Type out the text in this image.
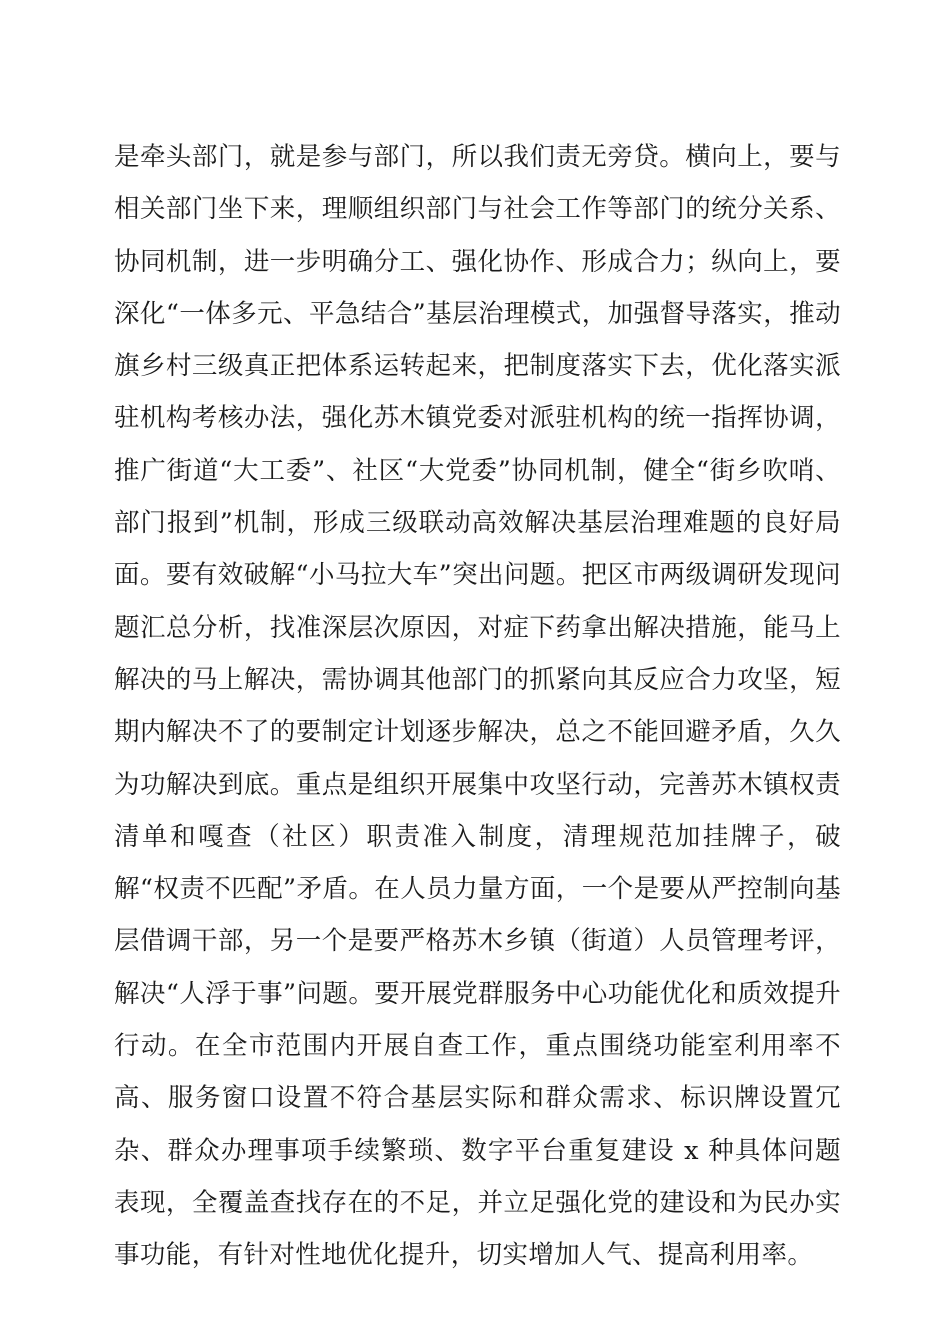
是牵头部门，就是参与部门，所以我们责无旁贷。横向上，要与相关部门坐下来，理顺组织部门与社会工作等部门的统分关系、协同机制，进一步明确分工、强化协作、形成合力；纵向上，要深化“一体多元、平急结合”基层治理模式，加强督导落实，推动旗乡村三级真正把体系运转起来，把制度落实下去，优化落实派驻机构考核办法，强化苏木镇党委对派驻机构的统一指挥协调，推广街道“大工委”、社区“大党委”协同机制，健全“街乡吹哨、部门报到”机制，形成三级联动高效解决基层治理难题的良好局面。要有效破解“小马拉大车”突出问题。把区市两级调研发现问题汇总分析，找准深层次原因，对症下药拿出解决措施，能马上解决的马上解决，需协调其他部门的抓紧向其反应合力攻坚，短期内解决不了的要制定计划逐步解决，总之不能回避矛盾，久久为功解决到底。重点是组织开展集中攻坚行动，完善苏木镇权责清单和嘎查（社区）职责准入制度，清理规范加挂牌子，破解“权责不匹配”矛盾。在人员力量方面，一个是要从严控制向基层借调干部，另一个是要严格苏木乡镇（街道）人员管理考评，解决“人浮于事”问题。要开展党群服务中心功能优化和质效提升行动。在全市范围内开展自查工作，重点围绕功能室利用率不高、服务窗口设置不符合基层实际和群众需求、标识牌设置冗杂、群众办理事项手续繁琐、数字平台重复建设 x 种具体问题表现，全覆盖查找存在的不足，并立足强化党的建设和为民办实事功能，有针对性地优化提升，切实增加人气、提高利用率。
